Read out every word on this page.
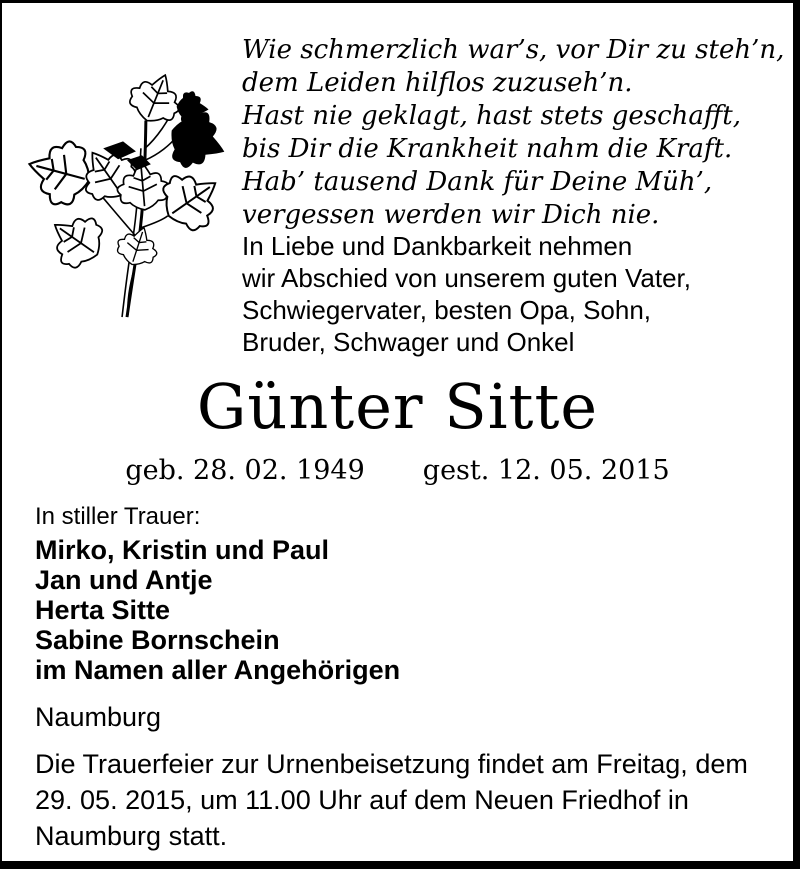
Wie schmerzlich war’s, vor Dir zu steh’n,
dem Leiden hilflos zuzuseh’n.
Hast nie geklagt, hast stets geschafft,
bis Dir die Krankheit nahm die Kraft.
Hab’ tausend Dank für Deine Müh’,
vergessen werden wir Dich nie.
In Liebe und Dankbarkeit nehmen
wir Abschied von unserem guten Vater,
Schwiegervater, besten Opa, Sohn,
Bruder, Schwager und Onkel
Günter Sitte
geb. 28. 02. 1949 gest. 12. 05. 2015
In stiller Trauer:
Mirko, Kristin und Paul
Jan und Antje
Herta Sitte
Sabine Bornschein
im Namen aller Angehörigen
Naumburg
Die Trauerfeier zur Urnenbeisetzung findet am Freitag, dem
29. 05. 2015, um 11.00 Uhr auf dem Neuen Friedhof in
Naumburg statt.
